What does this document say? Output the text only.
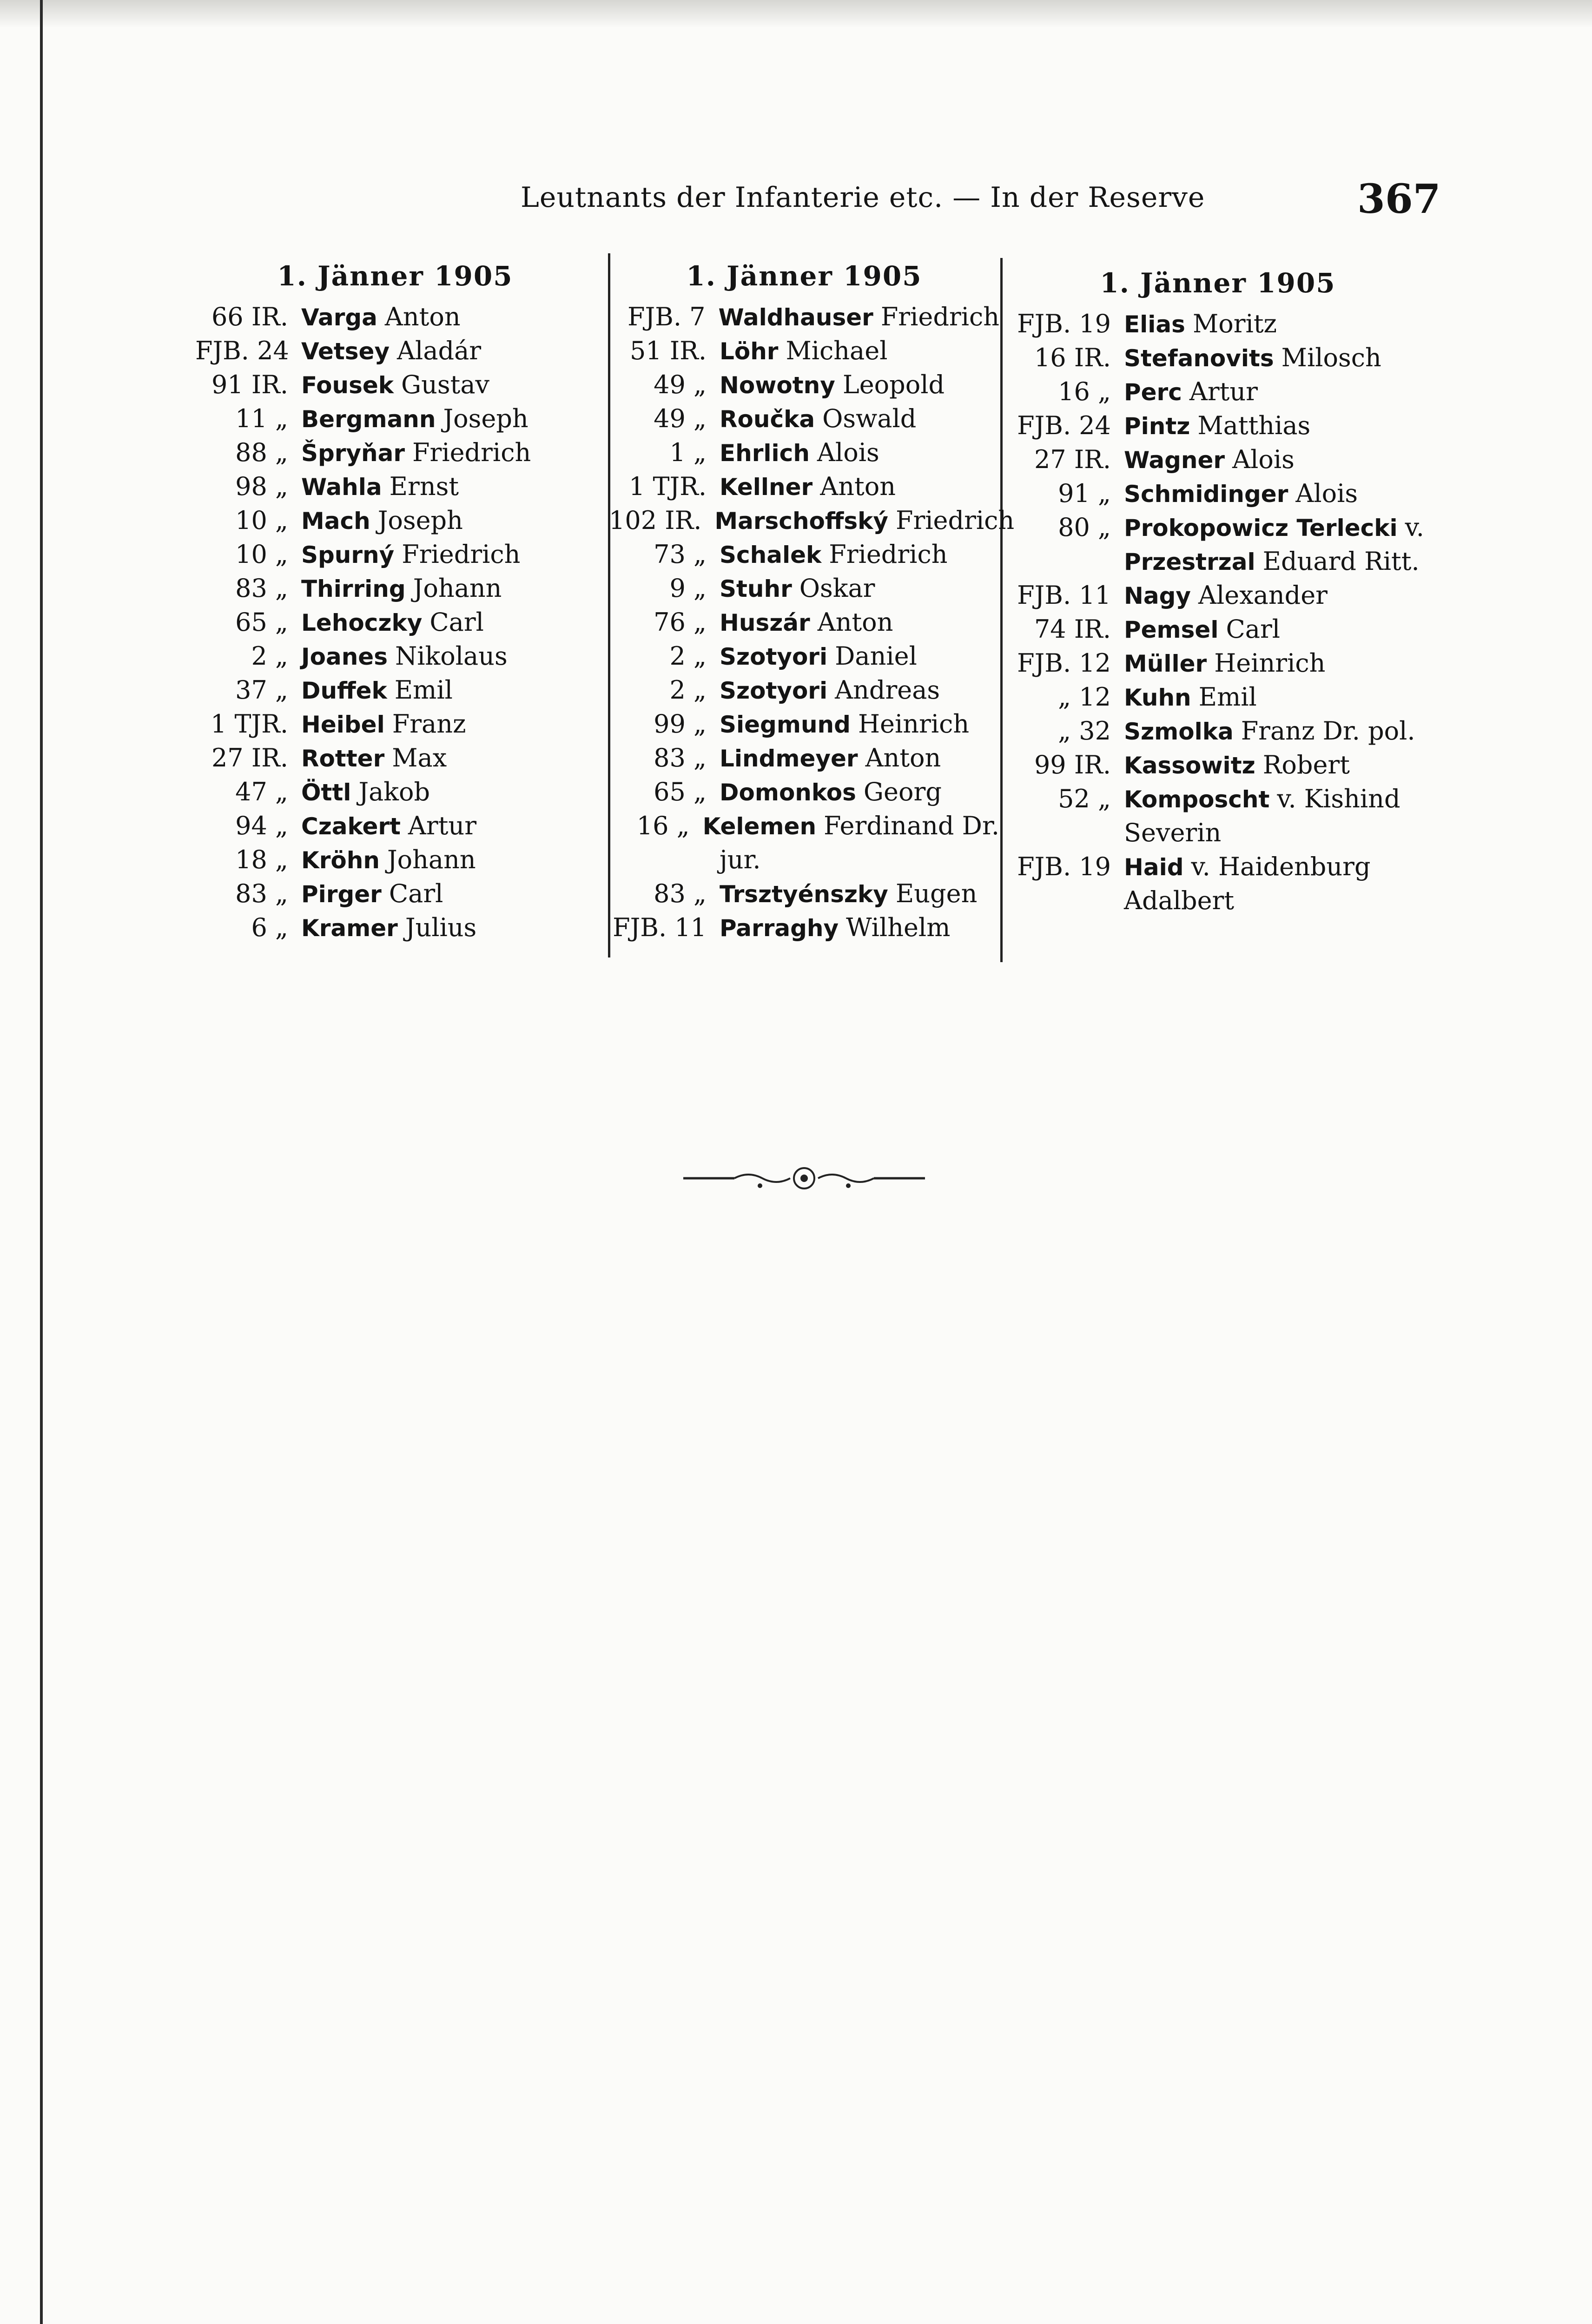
Leutnants der Infanterie etc. — In der Reserve	367
1. Jänner 1905
66 IR. Varga Anton
FJB. 24 Vetsey Aladár
91 IR. Fousek Gustav
11 „ Bergmann Joseph
88 „ Špryňar Friedrich
98 „ Wahla Ernst
10 „ Mach Joseph
10 „ Spurný Friedrich
83 „ Thirring Johann
65 „ Lehoczky Carl
2 „ Joanes Nikolaus
37 „ Duffek Emil
1 TJR. Heibel Franz
27 IR. Rotter Max
47 „ Öttl Jakob
94 „ Czakert Artur
18 „ Kröhn Johann
83 „ Pirger Carl
6 „ Kramer Julius
1. Jänner 1905
FJB. 7 Waldhauser Friedrich
51 IR. Löhr Michael
49 „ Nowotny Leopold
49 „ Roučka Oswald
1 „ Ehrlich Alois
1 TJR. Kellner Anton
102 IR. Marschoffský Friedrich
73 „ Schalek Friedrich
9 „ Stuhr Oskar
76 „ Huszár Anton
2 „ Szotyori Daniel
2 „ Szotyori Andreas
99 „ Siegmund Heinrich
83 „ Lindmeyer Anton
65 „ Domonkos Georg
16 „ Kelemen Ferdinand Dr.
jur.
83 „ Trsztyénszky Eugen
FJB. 11 Parraghy Wilhelm
1. Jänner 1905
FJB. 19 Elias Moritz
16 IR. Stefanovits Milosch
16 „ Perc Artur
FJB. 24 Pintz Matthias
27 IR. Wagner Alois
91 „ Schmidinger Alois
80 „ Prokopowicz Terlecki v.
Przestrzal Eduard Ritt.
FJB. 11 Nagy Alexander
74 IR. Pemsel Carl
FJB. 12 Müller Heinrich
„ 12 Kuhn Emil
„ 32 Szmolka Franz Dr. pol.
99 IR. Kassowitz Robert
52 „ Komposcht v. Kishind
Severin
FJB. 19 Haid v. Haidenburg
Adalbert
